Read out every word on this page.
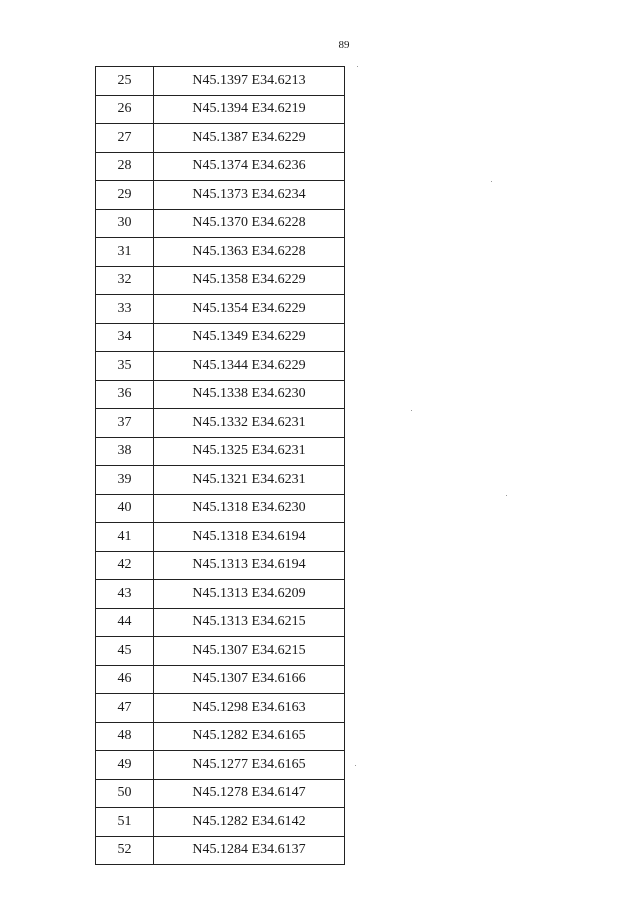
89
25	N45.1397 E34.6213
26	N45.1394 E34.6219
27	N45.1387 E34.6229
28	N45.1374 E34.6236
29	N45.1373 E34.6234
30	N45.1370 E34.6228
31	N45.1363 E34.6228
32	N45.1358 E34.6229
33	N45.1354 E34.6229
34	N45.1349 E34.6229
35	N45.1344 E34.6229
36	N45.1338 E34.6230
37	N45.1332 E34.6231
38	N45.1325 E34.6231
39	N45.1321 E34.6231
40	N45.1318 E34.6230
41	N45.1318 E34.6194
42	N45.1313 E34.6194
43	N45.1313 E34.6209
44	N45.1313 E34.6215
45	N45.1307 E34.6215
46	N45.1307 E34.6166
47	N45.1298 E34.6163
48	N45.1282 E34.6165
49	N45.1277 E34.6165
50	N45.1278 E34.6147
51	N45.1282 E34.6142
52	N45.1284 E34.6137
